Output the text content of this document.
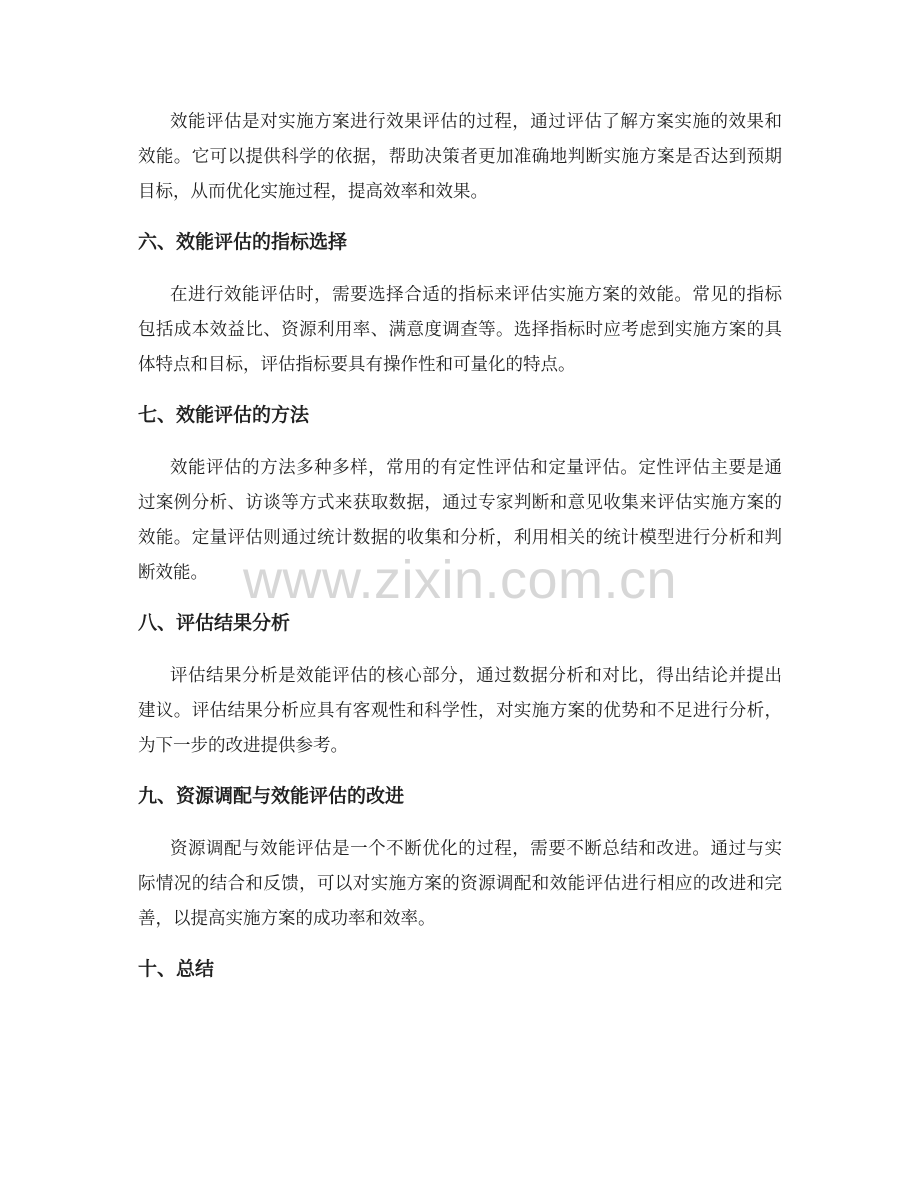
效能评估是对实施方案进行效果评估的过程，通过评估了解方案实施的效果和
效能。它可以提供科学的依据，帮助决策者更加准确地判断实施方案是否达到预期
目标，从而优化实施过程，提高效率和效果。
六、效能评估的指标选择
在进行效能评估时，需要选择合适的指标来评估实施方案的效能。常见的指标
包括成本效益比、资源利用率、满意度调查等。选择指标时应考虑到实施方案的具
体特点和目标，评估指标要具有操作性和可量化的特点。
七、效能评估的方法
效能评估的方法多种多样，常用的有定性评估和定量评估。定性评估主要是通
过案例分析、访谈等方式来获取数据，通过专家判断和意见收集来评估实施方案的
效能。定量评估则通过统计数据的收集和分析，利用相关的统计模型进行分析和判
断效能。
八、评估结果分析
评估结果分析是效能评估的核心部分，通过数据分析和对比，得出结论并提出
建议。评估结果分析应具有客观性和科学性，对实施方案的优势和不足进行分析，
为下一步的改进提供参考。
九、资源调配与效能评估的改进
资源调配与效能评估是一个不断优化的过程，需要不断总结和改进。通过与实
际情况的结合和反馈，可以对实施方案的资源调配和效能评估进行相应的改进和完
善，以提高实施方案的成功率和效率。
十、总结
www.zixin.com.cn
